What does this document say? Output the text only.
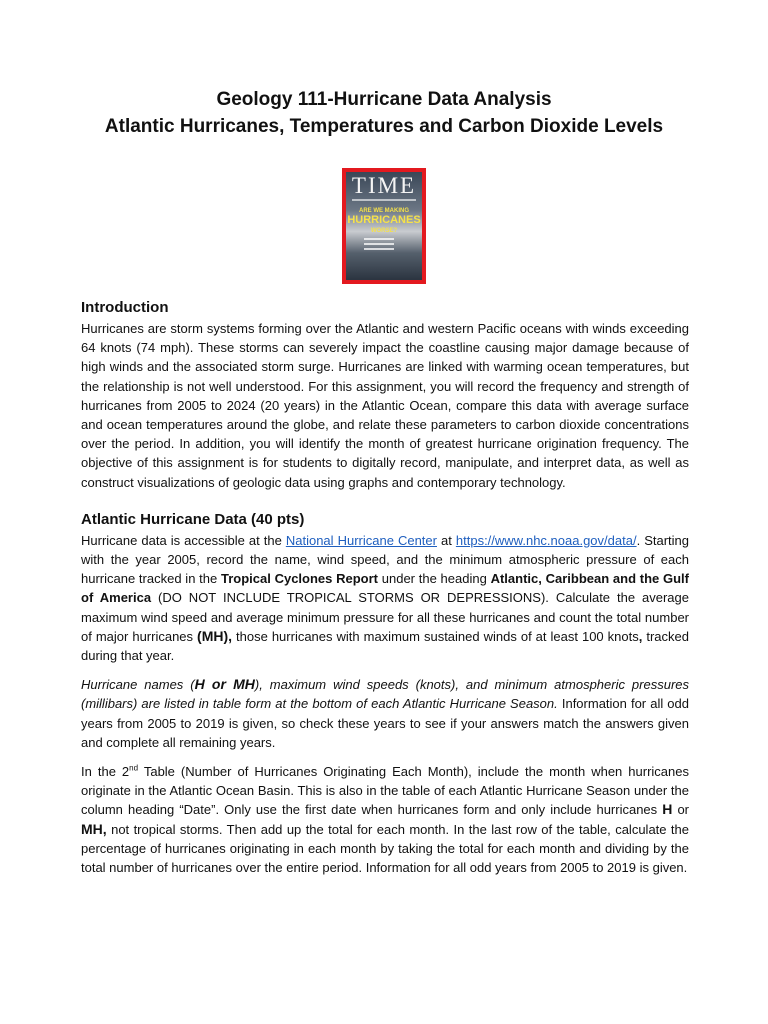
Geology 111-Hurricane Data Analysis

Atlantic Hurricanes, Temperatures and Carbon Dioxide Levels

TIME
ARE WE MAKING
HURRICANES
WORSE?

Introduction

Hurricanes are storm systems forming over the Atlantic and western Pacific oceans with winds exceeding 64 knots (74 mph). These storms can severely impact the coastline causing major damage because of high winds and the associated storm surge. Hurricanes are linked with warming ocean temperatures, but the relationship is not well understood. For this assignment, you will record the frequency and strength of hurricanes from 2005 to 2024 (20 years) in the Atlantic Ocean, compare this data with average surface and ocean temperatures around the globe, and relate these parameters to carbon dioxide concentrations over the period. In addition, you will identify the month of greatest hurricane origination frequency. The objective of this assignment is for students to digitally record, manipulate, and interpret data, as well as construct visualizations of geologic data using graphs and contemporary technology.

Atlantic Hurricane Data (40 pts)

Hurricane data is accessible at the National Hurricane Center at https://www.nhc.noaa.gov/data/. Starting with the year 2005, record the name, wind speed, and the minimum atmospheric pressure of each hurricane tracked in the Tropical Cyclones Report under the heading Atlantic, Caribbean and the Gulf of America (DO NOT INCLUDE TROPICAL STORMS OR DEPRESSIONS). Calculate the average maximum wind speed and average minimum pressure for all these hurricanes and count the total number of major hurricanes (MH), those hurricanes with maximum sustained winds of at least 100 knots, tracked during that year.

Hurricane names (H or MH), maximum wind speeds (knots), and minimum atmospheric pressures (millibars) are listed in table form at the bottom of each Atlantic Hurricane Season. Information for all odd years from 2005 to 2019 is given, so check these years to see if your answers match the answers given and complete all remaining years.

In the 2nd Table (Number of Hurricanes Originating Each Month), include the month when hurricanes originate in the Atlantic Ocean Basin. This is also in the table of each Atlantic Hurricane Season under the column heading “Date”. Only use the first date when hurricanes form and only include hurricanes H or MH, not tropical storms. Then add up the total for each month. In the last row of the table, calculate the percentage of hurricanes originating in each month by taking the total for each month and dividing by the total number of hurricanes over the entire period. Information for all odd years from 2005 to 2019 is given.
